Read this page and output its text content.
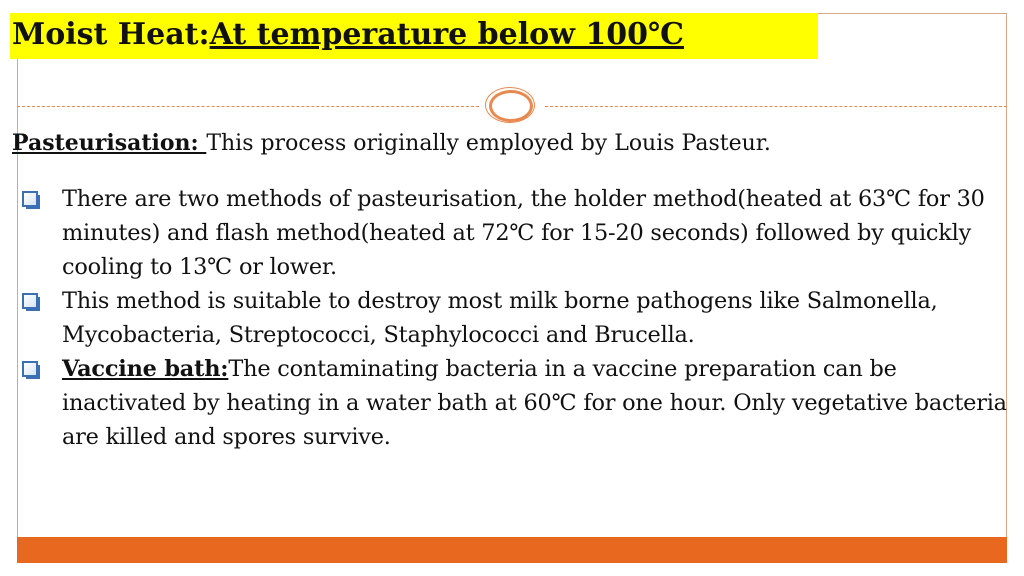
Moist Heat:At temperature below 100℃

Pasteurisation: This process originally employed by Louis Pasteur.

There are two methods of pasteurisation, the holder method(heated at 63℃ for 30 minutes) and flash method(heated at 72℃ for 15-20 seconds) followed by quickly cooling to 13℃ or lower.
This method is suitable to destroy most milk borne pathogens like Salmonella, Mycobacteria, Streptococci, Staphylococci and Brucella.
Vaccine bath:The contaminating bacteria in a vaccine preparation can be inactivated by heating in a water bath at 60℃ for one hour. Only vegetative bacteria are killed and spores survive.
